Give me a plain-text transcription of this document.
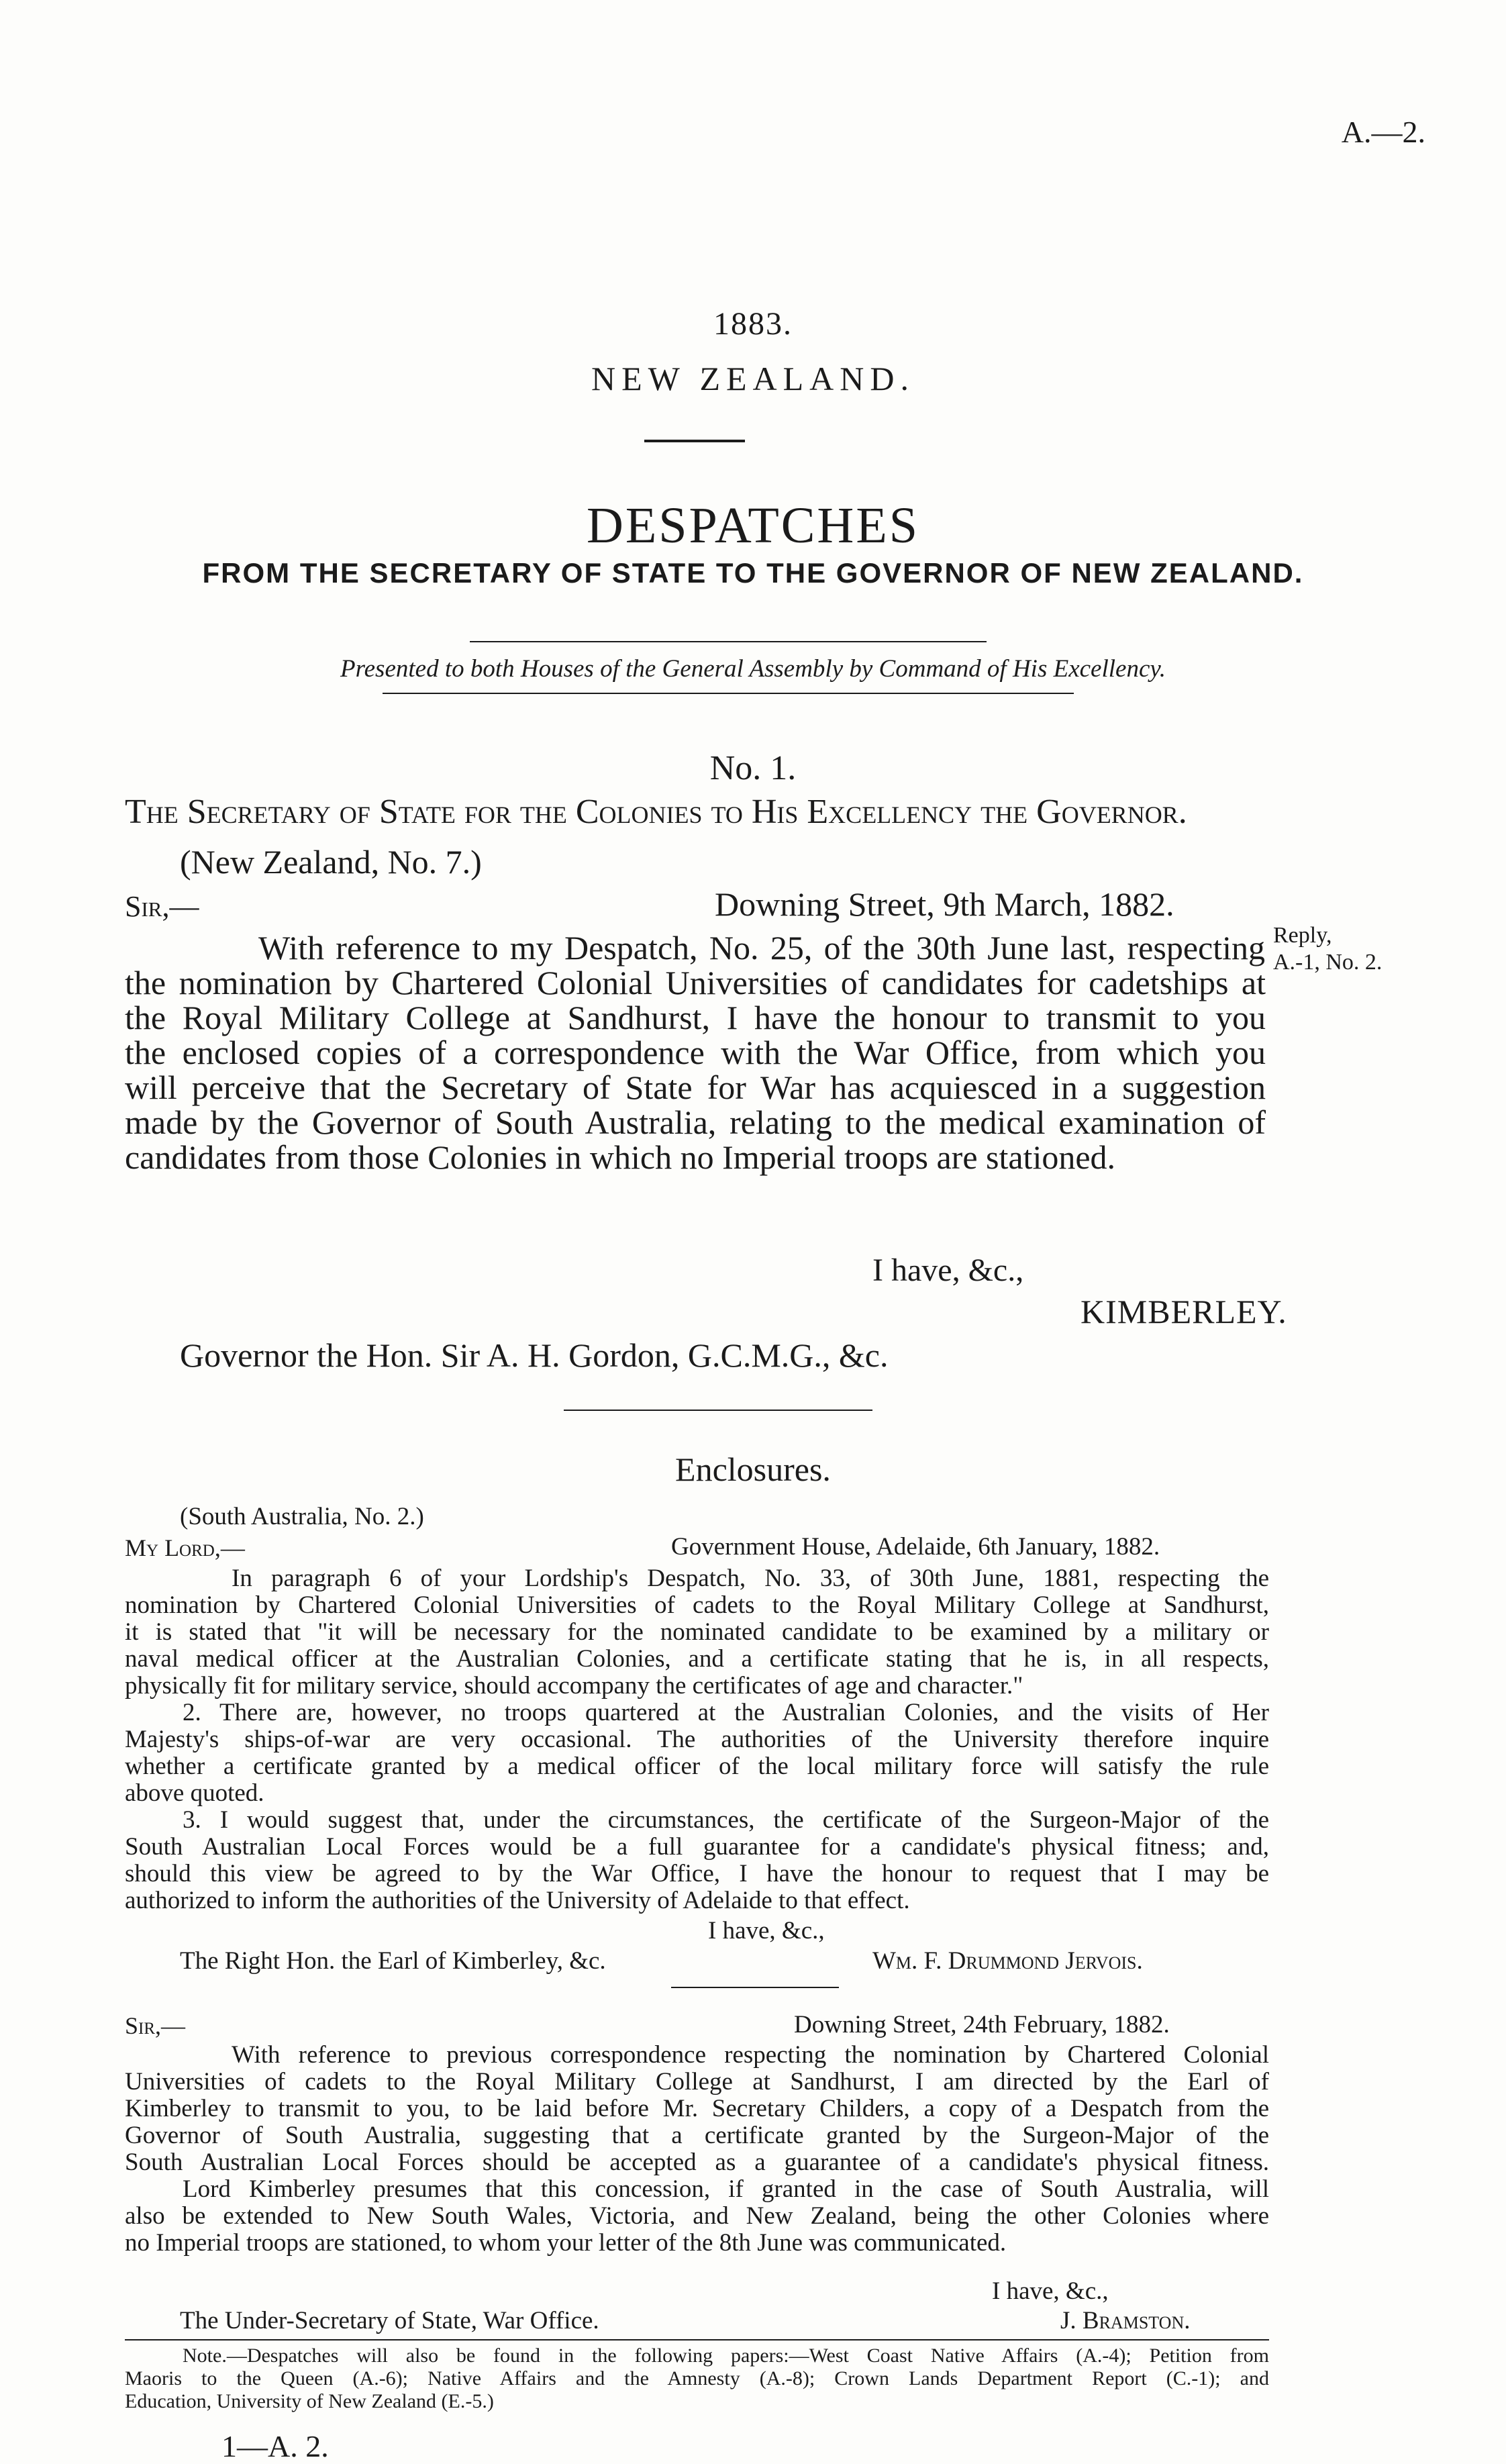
A.—2.

1883.

NEW ZEALAND.

DESPATCHES

FROM THE SECRETARY OF STATE TO THE GOVERNOR OF NEW ZEALAND.

Presented to both Houses of the General Assembly by Command of His Excellency.

No. 1.

The Secretary of State for the Colonies to His Excellency the Governor.

(New Zealand, No. 7.)

Sir,—	Downing Street, 9th March, 1882.

With reference to my Despatch, No. 25, of the 30th June last, respecting
the nomination by Chartered Colonial Universities of candidates for cadetships at
the Royal Military College at Sandhurst, I have the honour to transmit to you
the enclosed copies of a correspondence with the War Office, from which you
will perceive that the Secretary of State for War has acquiesced in a suggestion
made by the Governor of South Australia, relating to the medical examination of
candidates from those Colonies in which no Imperial troops are stationed.

Reply,

A.-1, No. 2.

I have, &c.,

KIMBERLEY.

Governor the Hon. Sir A. H. Gordon, G.C.M.G., &c.

Enclosures.

(South Australia, No. 2.)

My Lord,—	Government House, Adelaide, 6th January, 1882.

In paragraph 6 of your Lordship's Despatch, No. 33, of 30th June, 1881, respecting the
nomination by Chartered Colonial Universities of cadets to the Royal Military College at Sandhurst,
it is stated that "it will be necessary for the nominated candidate to be examined by a military or
naval medical officer at the Australian Colonies, and a certificate stating that he is, in all respects,
physically fit for military service, should accompany the certificates of age and character."
2. There are, however, no troops quartered at the Australian Colonies, and the visits of Her
Majesty's ships-of-war are very occasional. The authorities of the University therefore inquire
whether a certificate granted by a medical officer of the local military force will satisfy the rule
above quoted.
3. I would suggest that, under the circumstances, the certificate of the Surgeon-Major of the
South Australian Local Forces would be a full guarantee for a candidate's physical fitness; and,
should this view be agreed to by the War Office, I have the honour to request that I may be
authorized to inform the authorities of the University of Adelaide to that effect.

I have, &c.,

The Right Hon. the Earl of Kimberley, &c.	Wm. F. Drummond Jervois.

Sir,—	Downing Street, 24th February, 1882.

With reference to previous correspondence respecting the nomination by Chartered Colonial
Universities of cadets to the Royal Military College at Sandhurst, I am directed by the Earl of
Kimberley to transmit to you, to be laid before Mr. Secretary Childers, a copy of a Despatch from the
Governor of South Australia, suggesting that a certificate granted by the Surgeon-Major of the
South Australian Local Forces should be accepted as a guarantee of a candidate's physical fitness.
Lord Kimberley presumes that this concession, if granted in the case of South Australia, will
also be extended to New South Wales, Victoria, and New Zealand, being the other Colonies where
no Imperial troops are stationed, to whom your letter of the 8th June was communicated.

I have, &c.,

The Under-Secretary of State, War Office.	J. Bramston.

Note.—Despatches will also be found in the following papers:—West Coast Native Affairs (A.-4); Petition from
Maoris to the Queen (A.-6); Native Affairs and the Amnesty (A.-8); Crown Lands Department Report (C.-1); and
Education, University of New Zealand (E.-5.)

1—A. 2.
